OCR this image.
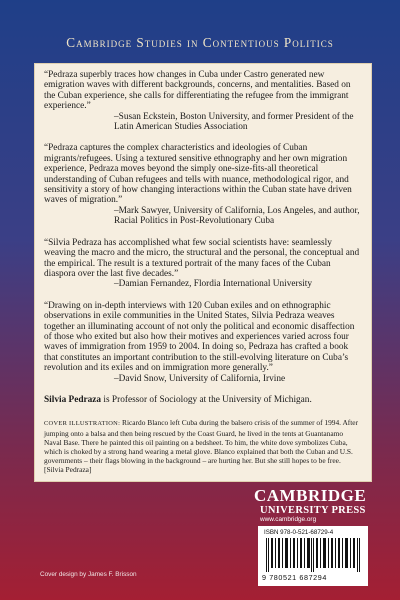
Cambridge Studies in Contentious Politics

“Pedraza superbly traces how changes in Cuba under Castro generated new emigration waves with different backgrounds, concerns, and mentalities. Based on the Cuban experience, she calls for differentiating the refugee from the immigrant experience.”

–Susan Eckstein, Boston University, and former President of the Latin American Studies Association

“Pedraza captures the complex characteristics and ideologies of Cuban migrants/refugees. Using a textured sensitive ethnography and her own migration experience, Pedraza moves beyond the simply one-size-fits-all theoretical understanding of Cuban refugees and tells with nuance, methodological rigor, and sensitivity a story of how changing interactions within the Cuban state have driven waves of migration.”

–Mark Sawyer, University of California, Los Angeles, and author, Racial Politics in Post-Revolutionary Cuba

“Silvia Pedraza has accomplished what few social scientists have: seamlessly weaving the macro and the micro, the structural and the personal, the conceptual and the empirical. The result is a textured portrait of the many faces of the Cuban diaspora over the last five decades.”

–Damian Fernandez, Flordia International University

“Drawing on in-depth interviews with 120 Cuban exiles and on ethnographic observations in exile communities in the United States, Silvia Pedraza weaves together an illuminating account of not only the political and economic disaffection of those who exited but also how their motives and experiences varied across four waves of immigration from 1959 to 2004. In doing so, Pedraza has crafted a book that constitutes an important contribution to the still-evolving literature on Cuba’s revolution and its exiles and on immigration more generally.”

–David Snow, University of California, Irvine

Silvia Pedraza is Professor of Sociology at the University of Michigan.
COVER ILLUSTRATION: Ricardo Blanco left Cuba during the balsero crisis of the summer of 1994. After jumping onto a balsa and then being rescued by the Coast Guard, he lived in the tents at Guantanamo Naval Base. There he painted this oil painting on a bedsheet. To him, the white dove symbolizes Cuba, which is choked by a strong hand wearing a metal glove. Blanco explained that both the Cuban and U.S. governments – their flags blowing in the background – are hurting her. But she still hopes to be free. [Silvia Pedraza]
CAMBRIDGE
UNIVERSITY PRESS
www.cambridge.org
ISBN 978-0-521-68729-4
9 780521 687294
Cover design by James F. Brisson
